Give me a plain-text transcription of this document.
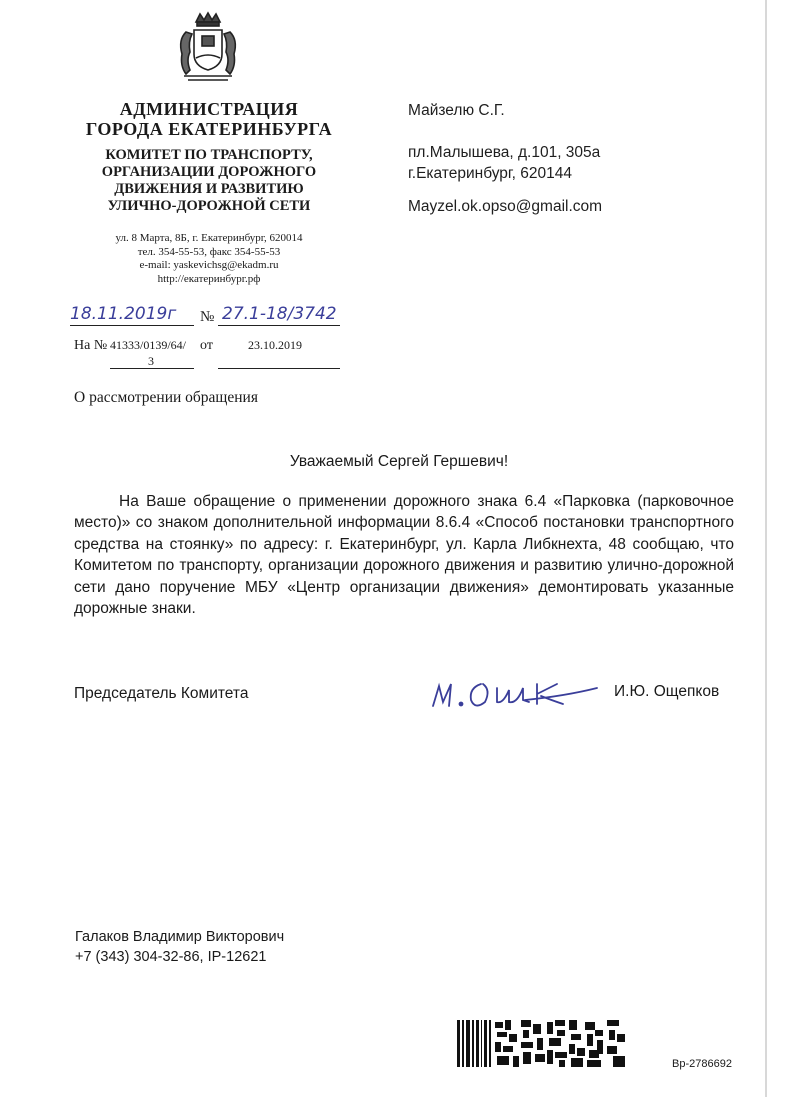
АДМИНИСТРАЦИЯ
ГОРОДА ЕКАТЕРИНБУРГА
КОМИТЕТ ПО ТРАНСПОРТУ,
ОРГАНИЗАЦИИ ДОРОЖНОГО
ДВИЖЕНИЯ И РАЗВИТИЮ
УЛИЧНО-ДОРОЖНОЙ СЕТИ
ул. 8 Марта, 8Б, г. Екатеринбург, 620014
тел. 354-55-53, факс 354-55-53
e-mail: yaskevichsg@ekadm.ru
http://екатеринбург.рф
Майзелю С.Г.
пл.Малышева, д.101, 305а
г.Екатеринбург, 620144
Mayzel.ok.opso@gmail.com
18.11.2019г № 27.1-18/3742
На № 41333/0139/64/
3
от	23.10.2019
О рассмотрении обращения
Уважаемый Сергей Гершевич!
На Ваше обращение о применении дорожного знака 6.4 «Парковка (парковочное место)» со знаком дополнительной информации 8.6.4 «Способ постановки транспортного средства на стоянку» по адресу: г. Екатеринбург, ул. Карла Либкнехта, 48 сообщаю, что Комитетом по транспорту, организации дорожного движения и развитию улично-дорожной сети дано поручение МБУ «Центр организации движения» демонтировать указанные дорожные знаки.
Председатель Комитета	И.Ю. Ощепков
Галаков Владимир Викторович
+7 (343) 304-32-86, IP-12621
Вр-2786692
